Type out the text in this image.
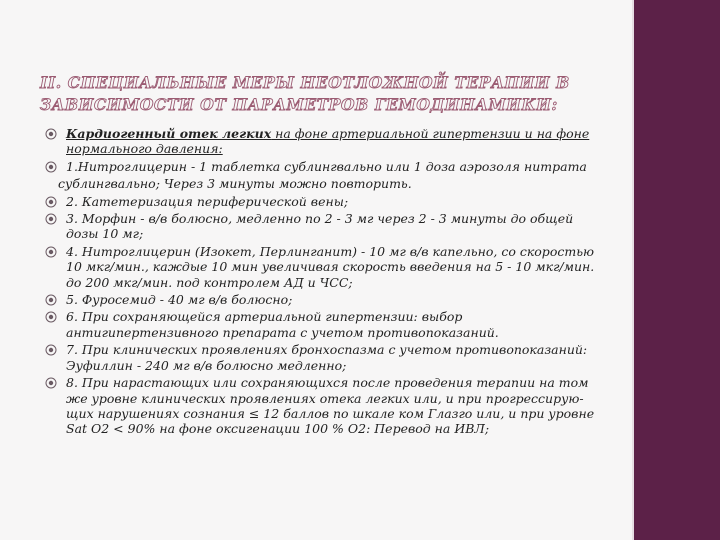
II. СПЕЦИАЛЬНЫЕ МЕРЫ НЕОТЛОЖНОЙ ТЕРАПИИ В ЗАВИСИМОСТИ ОТ ПАРАМЕТРОВ ГЕМОДИНАМИКИ:
Кардиогенный отек легких на фоне артериальной гипертензии и на фоне нормального давления:
1.Нитроглицерин - 1 таблетка сублингвально или 1 доза аэрозоля нитрата
сублингвально; Через 3 минуты можно повторить.
2. Катетеризация периферической вены;
3. Морфин - в/в болюсно, медленно по 2 - 3 мг через 2 - 3 минуты до общей дозы 10 мг;
4. Нитроглицерин (Изокет, Перлинганит) - 10 мг в/в капельно, со скоростью 10 мкг/мин., каждые 10 мин увеличивая скорость введения на 5 - 10 мкг/мин. до 200 мкг/мин. под контролем АД и ЧСС;
5. Фуросемид - 40 мг в/в болюсно;
6. При сохраняющейся артериальной гипертензии: выбор антигипертензивного препарата с учетом противопоказаний.
7. При клинических проявлениях бронхоспазма с учетом противопоказаний: Эуфиллин - 240 мг в/в болюсно медленно;
8. При нарастающих или сохраняющихся после проведения терапии на том же уровне клинических проявлениях отека легких или, и при прогрессирую- щих нарушениях сознания ≤ 12 баллов по шкале ком Глазго или, и при уровне Sat O2 < 90% на фоне оксигенации 100 % О2: Перевод на ИВЛ;
